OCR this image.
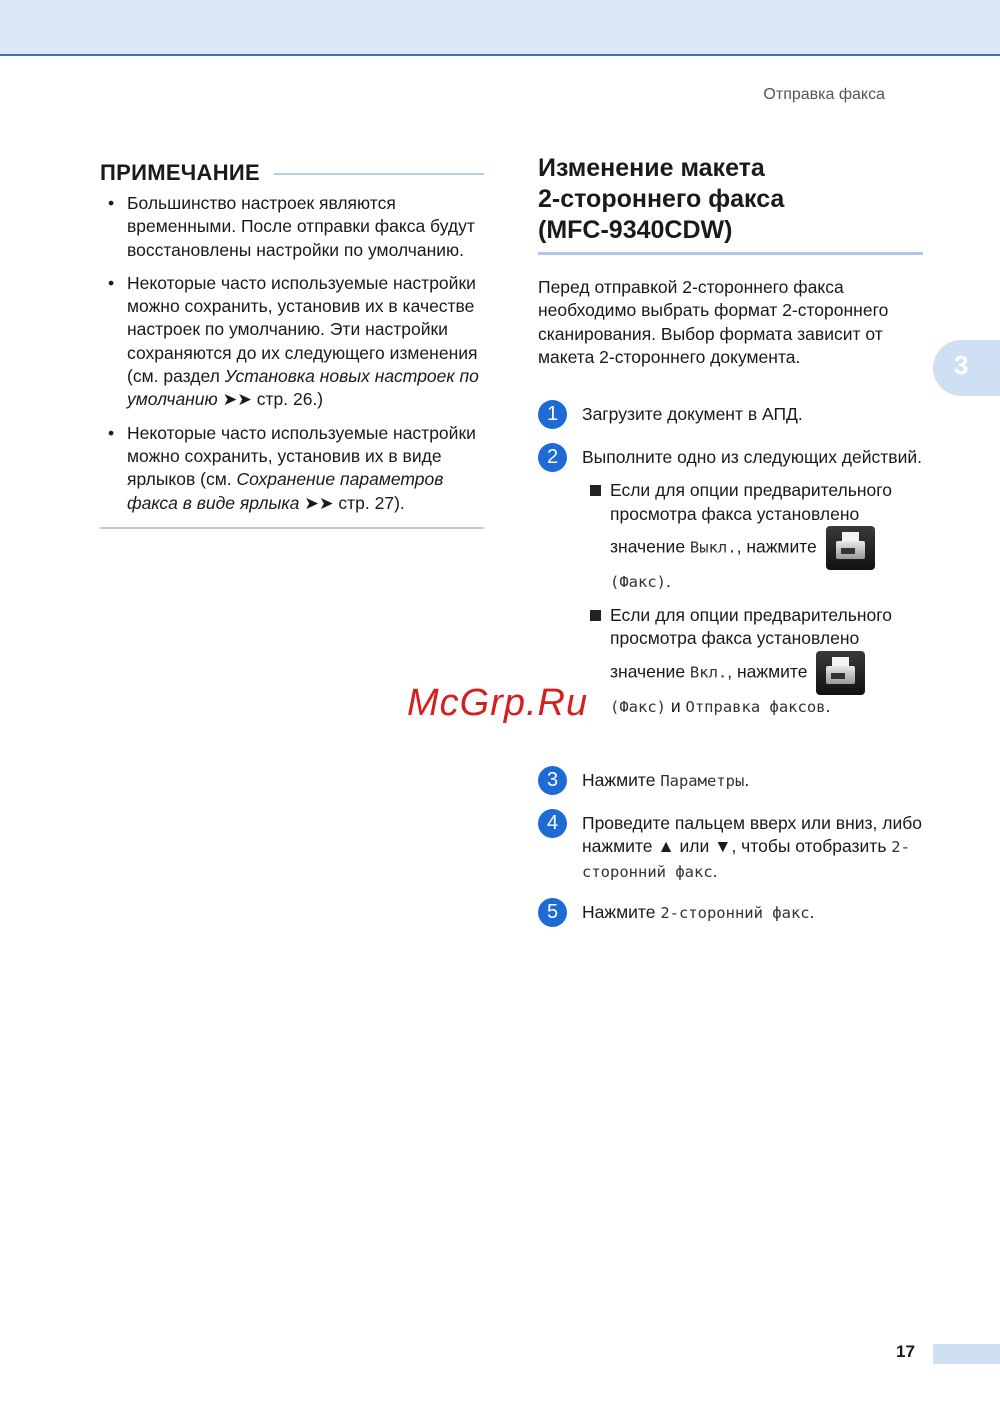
Отправка факса
3
ПРИМЕЧАНИЕ
• Большинство настроек являются временными. После отправки факса будут восстановлены настройки по умолчанию.
• Некоторые часто используемые настройки можно сохранить, установив их в качестве настроек по умолчанию. Эти настройки сохраняются до их следующего изменения (см. раздел Установка новых настроек по умолчанию ➤➤ стр. 26.)
• Некоторые часто используемые настройки можно сохранить, установив их в виде ярлыков (см. Сохранение параметров факса в виде ярлыка ➤➤ стр. 27).
Изменение макета
2-стороннего факса
(MFC-9340CDW)
Перед отправкой 2-стороннего факса необходимо выбрать формат 2-стороннего сканирования. Выбор формата зависит от макета 2-стороннего документа.
1	Загрузите документ в АПД.
2	Выполните одно из следующих действий.
Если для опции предварительного просмотра факса установлено значение Выкл., нажмите

(Факс).
Если для опции предварительного просмотра факса установлено значение Вкл., нажмите

(Факс) и Отправка факсов.
3	Нажмите Параметры.
4	Проведите пальцем вверх или вниз, либо нажмите ▲ или ▼, чтобы отобразить 2-сторонний факс.
5	Нажмите 2-сторонний факс.
McGrp.Ru
17
